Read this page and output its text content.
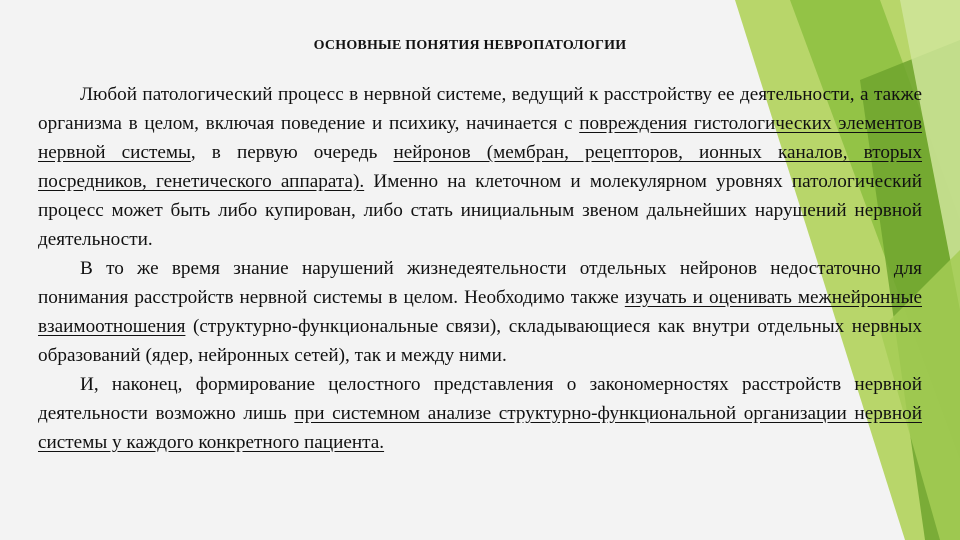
ОСНОВНЫЕ ПОНЯТИЯ НЕВРОПАТОЛОГИИ

Любой патологический процесс в нервной системе, ведущий к расстройству ее деятельности, а также организма в целом, включая поведение и психику, начинается с повреждения гистологических элементов нервной системы, в первую очередь нейронов (мембран, рецепторов, ионных каналов, вторых посредников, генетического аппарата). Именно на клеточном и молекулярном уровнях патологический процесс может быть либо купирован, либо стать инициальным звеном дальнейших нарушений нервной деятельности.

В то же время знание нарушений жизнедеятельности отдельных нейронов недостаточно для понимания расстройств нервной системы в целом. Необходимо также изучать и оценивать межнейронные взаимоотношения (структурно-функциональные связи), складывающиеся как внутри отдельных нервных образований (ядер, нейронных сетей), так и между ними.

И, наконец, формирование целостного представления о закономерностях расстройств нервной деятельности возможно лишь при системном анализе структурно-функциональной организации нервной системы у каждого конкретного пациента.
